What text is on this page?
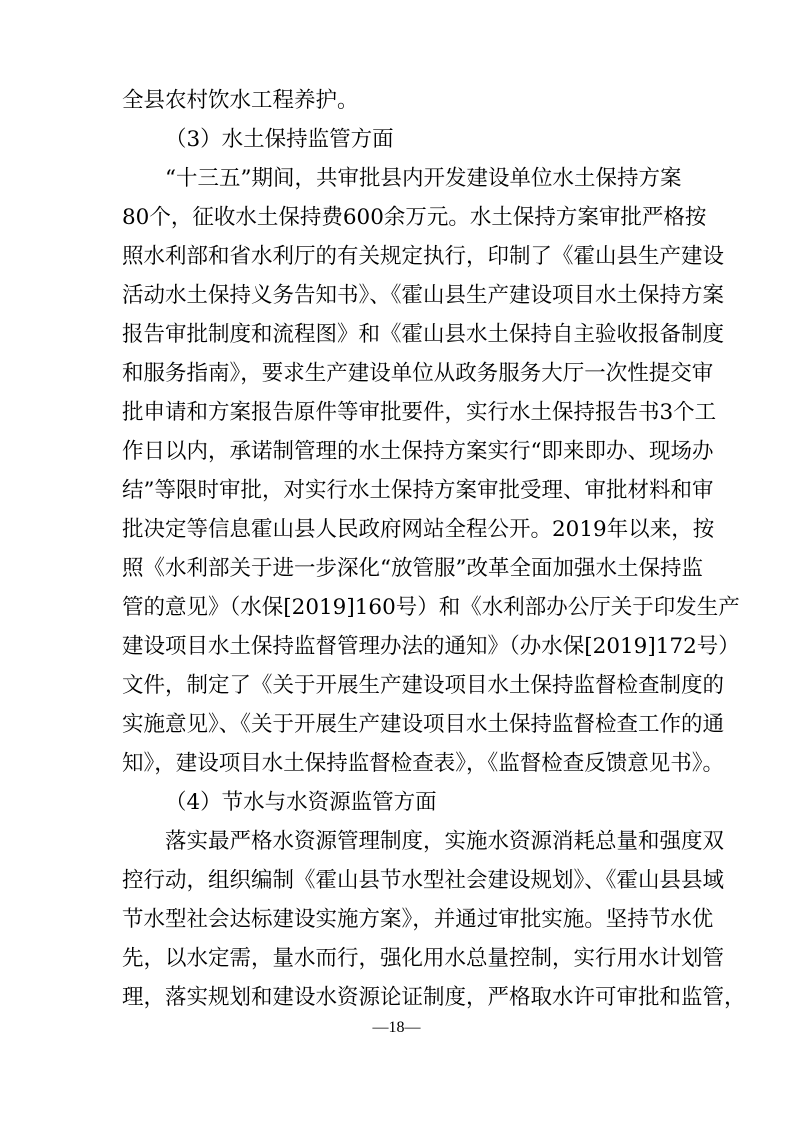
全县农村饮水工程养护。
（3）水土保持监管方面
“十三五”期间，共审批县内开发建设单位水土保持方案
80个，征收水土保持费600余万元。水土保持方案审批严格按
照水利部和省水利厅的有关规定执行，印制了《霍山县生产建设
活动水土保持义务告知书》、《霍山县生产建设项目水土保持方案
报告审批制度和流程图》和《霍山县水土保持自主验收报备制度
和服务指南》，要求生产建设单位从政务服务大厅一次性提交审
批申请和方案报告原件等审批要件，实行水土保持报告书3个工
作日以内，承诺制管理的水土保持方案实行“即来即办、现场办
结”等限时审批，对实行水土保持方案审批受理、审批材料和审
批决定等信息霍山县人民政府网站全程公开。2019年以来，按
照《水利部关于进一步深化“放管服”改革全面加强水土保持监
管的意见》（水保[2019]160号）和《水利部办公厅关于印发生产
建设项目水土保持监督管理办法的通知》（办水保[2019]172号）
文件，制定了《关于开展生产建设项目水土保持监督检查制度的
实施意见》、《关于开展生产建设项目水土保持监督检查工作的通
知》，建设项目水土保持监督检查表》，《监督检查反馈意见书》。
（4）节水与水资源监管方面
落实最严格水资源管理制度，实施水资源消耗总量和强度双
控行动，组织编制《霍山县节水型社会建设规划》、《霍山县县域
节水型社会达标建设实施方案》，并通过审批实施。坚持节水优
先，以水定需，量水而行，强化用水总量控制，实行用水计划管
理，落实规划和建设水资源论证制度，严格取水许可审批和监管，
—18—
